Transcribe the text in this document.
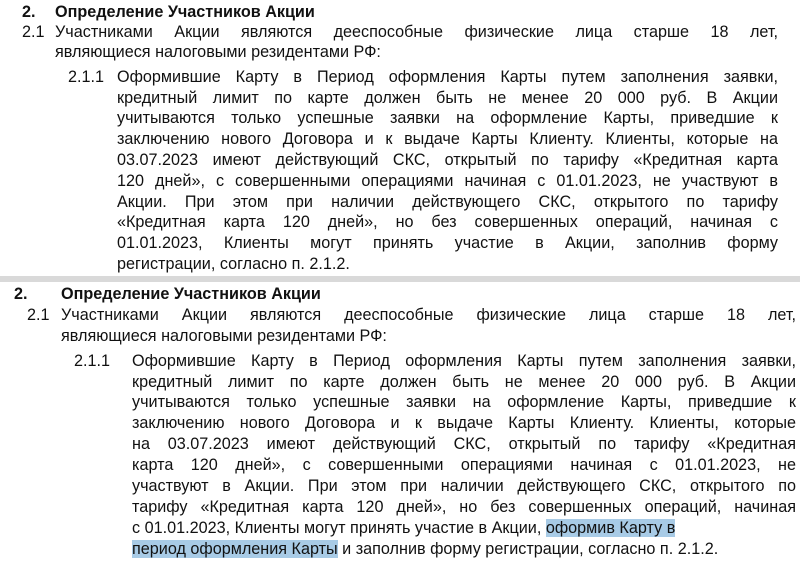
2. Определение Участников Акции
2.1 Участниками Акции являются дееспособные физические лица старше 18 лет,
являющиеся налоговыми резидентами РФ:
2.1.1 Оформившие Карту в Период оформления Карты путем заполнения заявки,
кредитный лимит по карте должен быть не менее 20 000 руб. В Акции
учитываются только успешные заявки на оформление Карты, приведшие к
заключению нового Договора и к выдаче Карты Клиенту. Клиенты, которые на
03.07.2023 имеют действующий СКС, открытый по тарифу «Кредитная карта
120 дней», с совершенными операциями начиная с 01.01.2023, не участвуют в
Акции. При этом при наличии действующего СКС, открытого по тарифу
«Кредитная карта 120 дней», но без совершенных операций, начиная с
01.01.2023, Клиенты могут принять участие в Акции, заполнив форму
регистрации, согласно п. 2.1.2.
2. Определение Участников Акции
2.1 Участниками Акции являются дееспособные физические лица старше 18 лет,
являющиеся налоговыми резидентами РФ:
2.1.1 Оформившие Карту в Период оформления Карты путем заполнения заявки,
кредитный лимит по карте должен быть не менее 20 000 руб. В Акции
учитываются только успешные заявки на оформление Карты, приведшие к
заключению нового Договора и к выдаче Карты Клиенту. Клиенты, которые
на 03.07.2023 имеют действующий СКС, открытый по тарифу «Кредитная
карта 120 дней», с совершенными операциями начиная с 01.01.2023, не
участвуют в Акции. При этом при наличии действующего СКС, открытого по
тарифу «Кредитная карта 120 дней», но без совершенных операций, начиная
с 01.01.2023, Клиенты могут принять участие в Акции, оформив Карту в
период оформления Карты и заполнив форму регистрации, согласно п. 2.1.2.
